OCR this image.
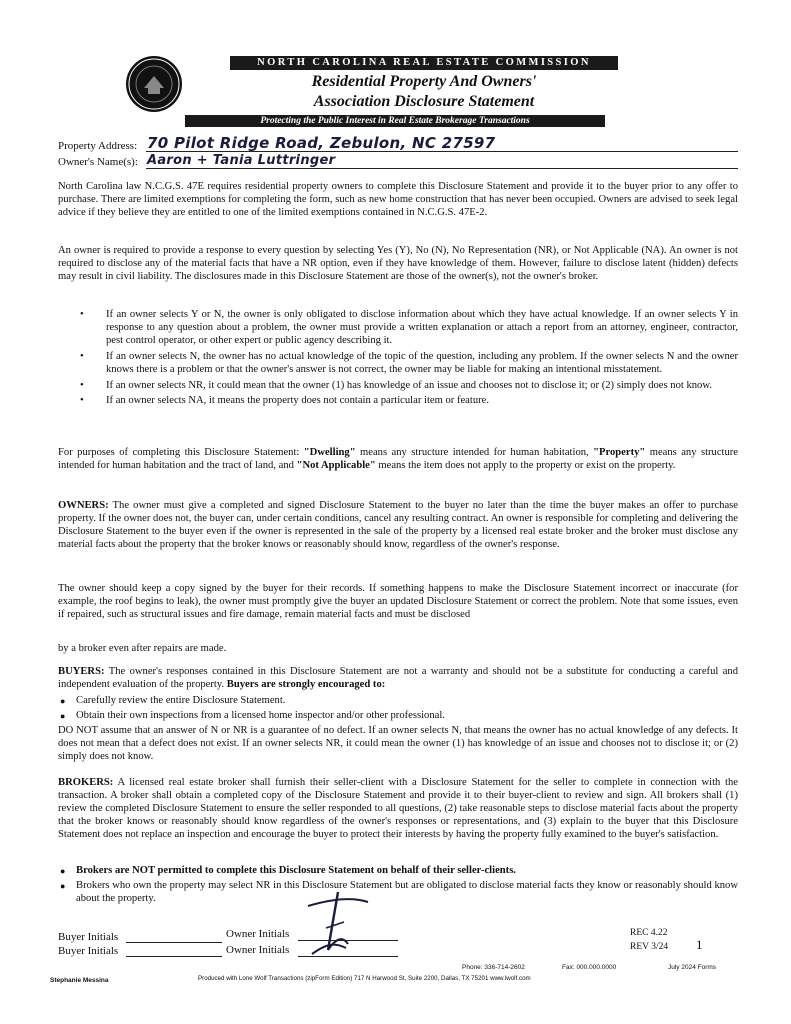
NORTH CAROLINA REAL ESTATE COMMISSION
Residential Property And Owners'
Association Disclosure Statement
Protecting the Public Interest in Real Estate Brokerage Transactions
Property Address: 70 Pilot Ridge Road, Zebulon, NC 27597
Owner's Name(s): Aaron + Tania Luttringer

North Carolina law N.C.G.S. 47E requires residential property owners to complete this Disclosure Statement and provide it to the buyer prior to any offer to purchase. There are limited exemptions for completing the form, such as new home construction that has never been occupied. Owners are advised to seek legal advice if they believe they are entitled to one of the limited exemptions contained in N.C.G.S. 47E-2.

An owner is required to provide a response to every question by selecting Yes (Y), No (N), No Representation (NR), or Not Applicable (NA). An owner is not required to disclose any of the material facts that have a NR option, even if they have knowledge of them. However, failure to disclose latent (hidden) defects may result in civil liability. The disclosures made in this Disclosure Statement are those of the owner(s), not the owner's broker.

• If an owner selects Y or N, the owner is only obligated to disclose information about which they have actual knowledge. If an owner selects Y in response to any question about a problem, the owner must provide a written explanation or attach a report from an attorney, engineer, contractor, pest control operator, or other expert or public agency describing it.
• If an owner selects N, the owner has no actual knowledge of the topic of the question, including any problem. If the owner selects N and the owner knows there is a problem or that the owner's answer is not correct, the owner may be liable for making an intentional misstatement.
• If an owner selects NR, it could mean that the owner (1) has knowledge of an issue and chooses not to disclose it; or (2) simply does not know.
• If an owner selects NA, it means the property does not contain a particular item or feature.

For purposes of completing this Disclosure Statement: "Dwelling" means any structure intended for human habitation, "Property" means any structure intended for human habitation and the tract of land, and "Not Applicable" means the item does not apply to the property or exist on the property.

OWNERS: The owner must give a completed and signed Disclosure Statement to the buyer no later than the time the buyer makes an offer to purchase property. If the owner does not, the buyer can, under certain conditions, cancel any resulting contract. An owner is responsible for completing and delivering the Disclosure Statement to the buyer even if the owner is represented in the sale of the property by a licensed real estate broker and the broker must disclose any material facts about the property that the broker knows or reasonably should know, regardless of the owner's response.

The owner should keep a copy signed by the buyer for their records. If something happens to make the Disclosure Statement incorrect or inaccurate (for example, the roof begins to leak), the owner must promptly give the buyer an updated Disclosure Statement or correct the problem. Note that some issues, even if repaired, such as structural issues and fire damage, remain material facts and must be disclosed

by a broker even after repairs are made.

BUYERS: The owner's responses contained in this Disclosure Statement are not a warranty and should not be a substitute for conducting a careful and independent evaluation of the property. Buyers are strongly encouraged to:

● Carefully review the entire Disclosure Statement.
● Obtain their own inspections from a licensed home inspector and/or other professional.

DO NOT assume that an answer of N or NR is a guarantee of no defect. If an owner selects N, that means the owner has no actual knowledge of any defects. It does not mean that a defect does not exist. If an owner selects NR, it could mean the owner (1) has knowledge of an issue and chooses not to disclose it; or (2) simply does not know.

BROKERS: A licensed real estate broker shall furnish their seller-client with a Disclosure Statement for the seller to complete in connection with the transaction. A broker shall obtain a completed copy of the Disclosure Statement and provide it to their buyer-client to review and sign. All brokers shall (1) review the completed Disclosure Statement to ensure the seller responded to all questions, (2) take reasonable steps to disclose material facts about the property that the broker knows or reasonably should know regardless of the owner's responses or representations, and (3) explain to the buyer that this Disclosure Statement does not replace an inspection and encourage the buyer to protect their interests by having the property fully examined to the buyer's satisfaction.

● Brokers are NOT permitted to complete this Disclosure Statement on behalf of their seller-clients.
● Brokers who own the property may select NR in this Disclosure Statement but are obligated to disclose material facts they know or reasonably should know about the property.
Buyer Initials	Owner Initials
Buyer Initials	Owner Initials
REC 4.22
REV 3/24 1
Phone: 336-714-2602	Fax: 000.000.0000	July 2024 Forms
Stephanie Messina	Produced with Lone Wolf Transactions (zipForm Edition) 717 N Harwood St, Suite 2200, Dallas, TX 75201 www.lwolf.com
